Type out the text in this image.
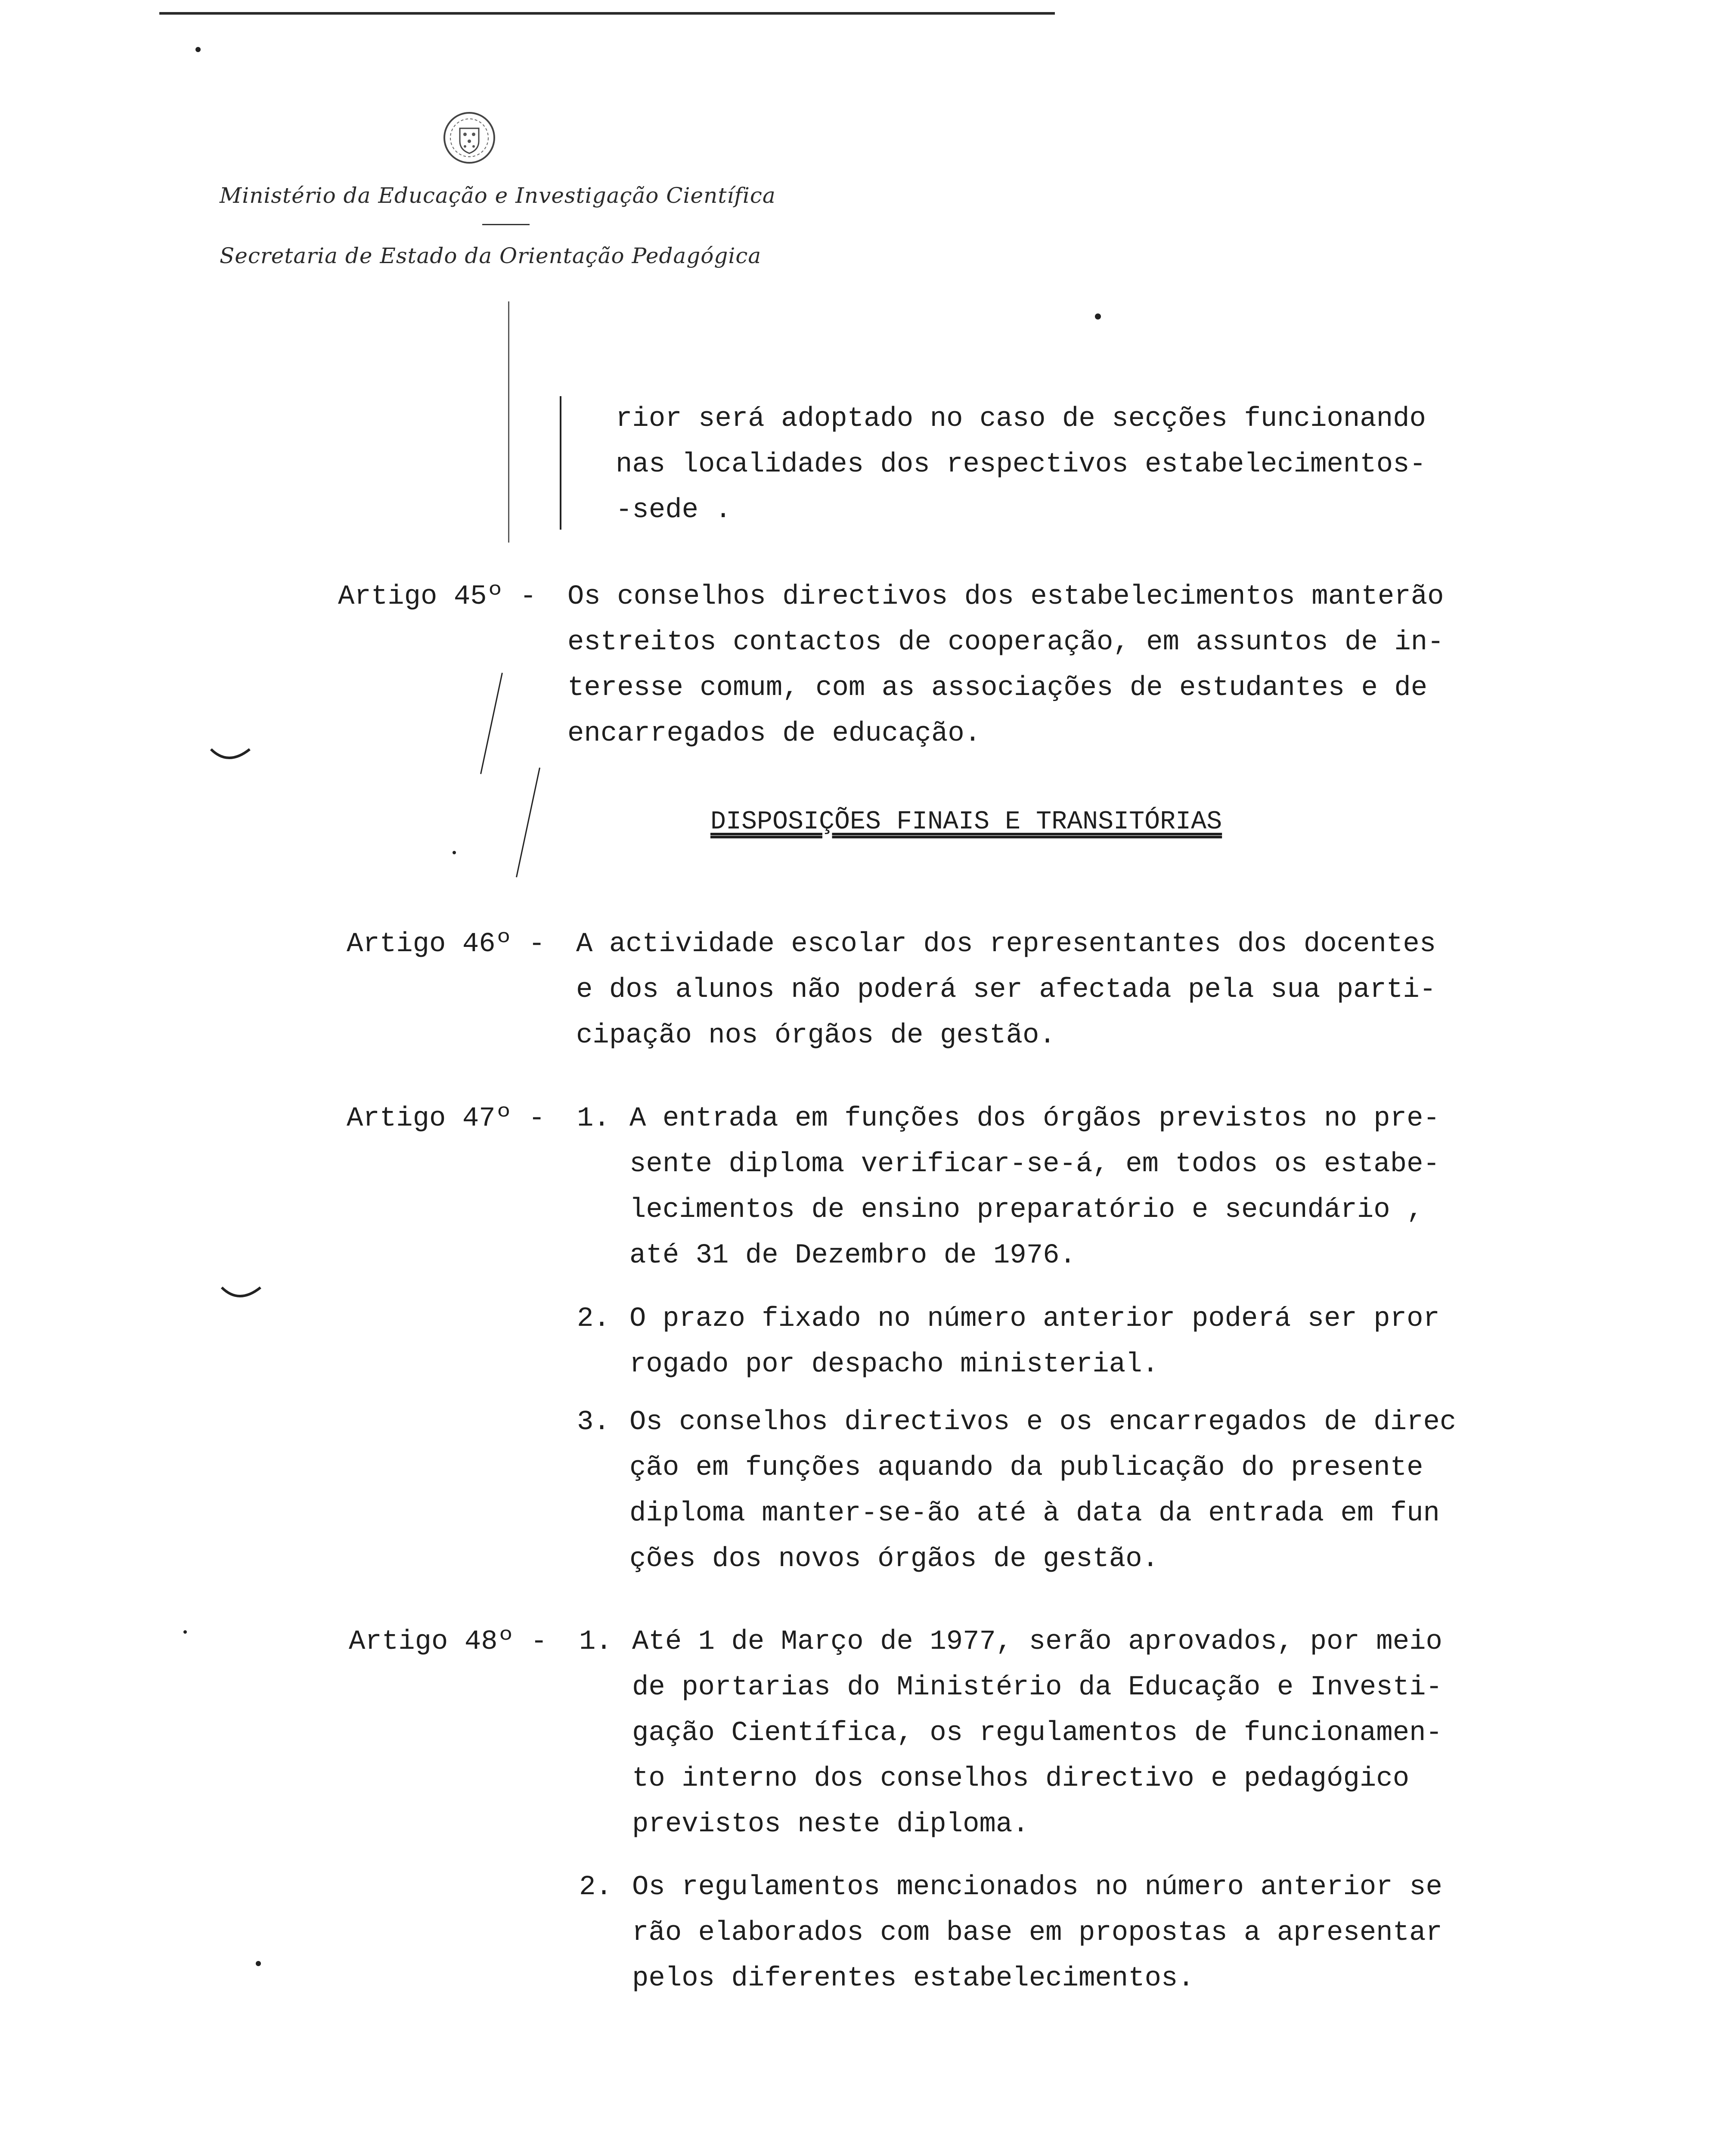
Ministério da Educação e Investigação Científica
Secretaria de Estado da Orientação Pedagógica
rior será adoptado no caso de secções funcionando
nas localidades dos respectivos estabelecimentos-
-sede .
Artigo 45º - Os conselhos directivos dos estabelecimentos manterão
estreitos contactos de cooperação, em assuntos de in-
teresse comum, com as associações de estudantes e de
encarregados de educação.
DISPOSIÇÕES FINAIS E TRANSITÓRIAS
Artigo 46º - A actividade escolar dos representantes dos docentes
e dos alunos não poderá ser afectada pela sua parti-
cipação nos órgãos de gestão.
Artigo 47º - 1. A entrada em funções dos órgãos previstos no pre-
sente diploma verificar-se-á, em todos os estabe-
lecimentos de ensino preparatório e secundário ,
até 31 de Dezembro de 1976.
2. O prazo fixado no número anterior poderá ser pror
rogado por despacho ministerial.
3. Os conselhos directivos e os encarregados de direc
ção em funções aquando da publicação do presente
diploma manter-se-ão até à data da entrada em fun
ções dos novos órgãos de gestão.
Artigo 48º - 1. Até 1 de Março de 1977, serão aprovados, por meio
de portarias do Ministério da Educação e Investi-
gação Científica, os regulamentos de funcionamen-
to interno dos conselhos directivo e pedagógico
previstos neste diploma.
2. Os regulamentos mencionados no número anterior se
rão elaborados com base em propostas a apresentar
pelos diferentes estabelecimentos.
